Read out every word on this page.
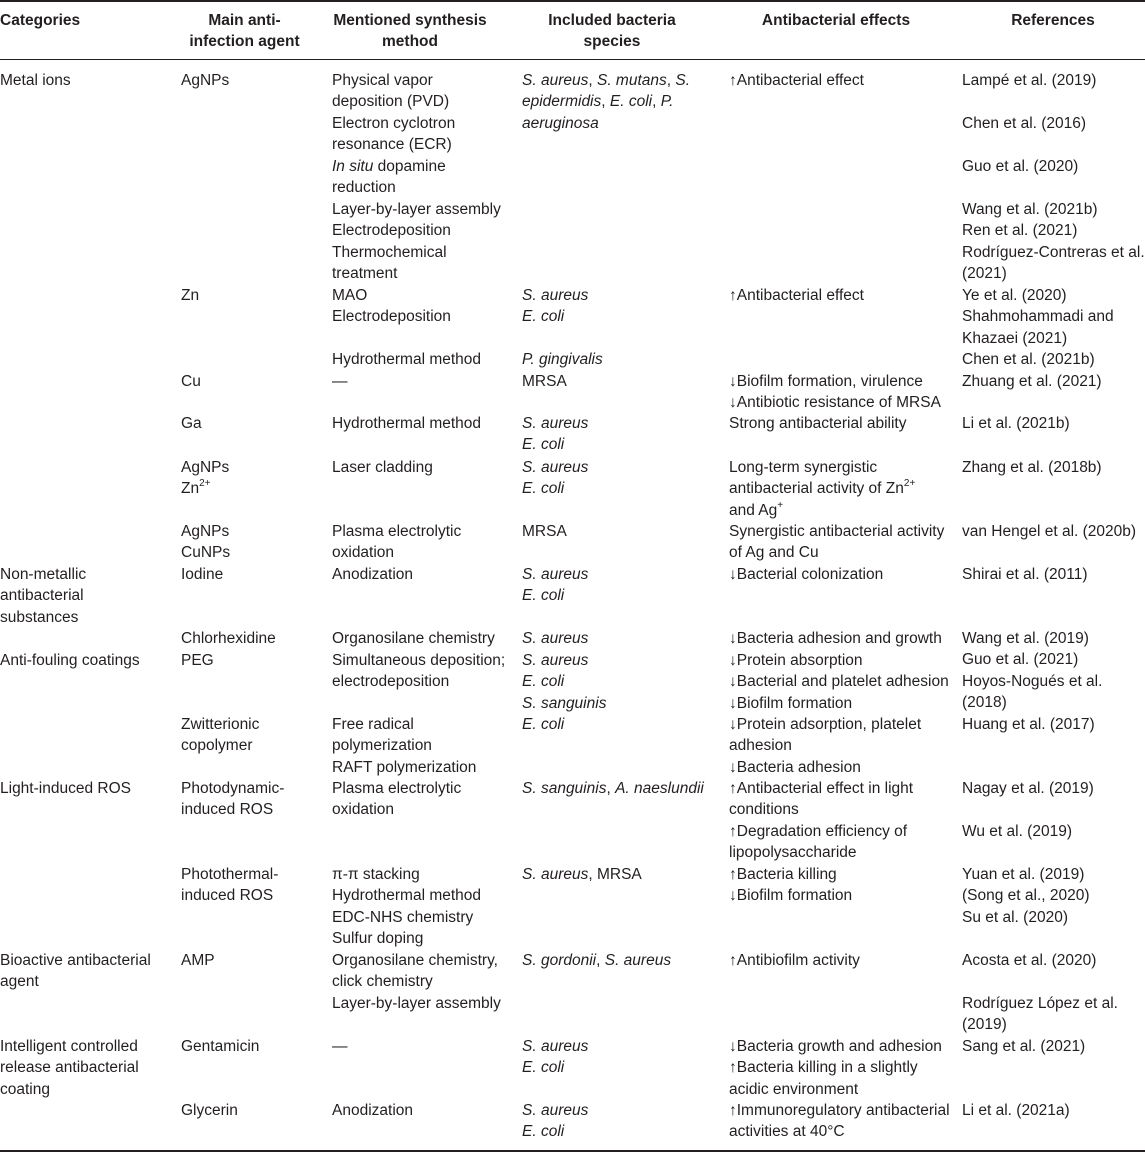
Categories	Main anti-
infection agent
Mentioned synthesis
method
Included bacteria
species
Antibacterial effects	References
Metal ions
Non-metallic
antibacterial
substances
Anti-fouling coatings
Light-induced ROS
Bioactive antibacterial
agent
Intelligent controlled
release antibacterial
coating
AgNPs
Zn
Cu
Ga
AgNPs
$Zn^{2+}$
AgNPs
CuNPs
Iodine
Chlorhexidine
PEG
Zwitterionic
copolymer
Photodynamic-
induced ROS
Photothermal-
induced ROS
AMP
Gentamicin
Glycerin
Physical vapor
deposition (PVD)
Electron cyclotron
resonance (ECR)
In situ dopamine
reduction
Layer-by-layer assembly
Electrodeposition
Thermochemical
treatment
MAO
Electrodeposition
Hydrothermal method
—
Hydrothermal method
Laser cladding
Plasma electrolytic
oxidation
Anodization
Organosilane chemistry
Simultaneous deposition;
electrodeposition
Free radical
polymerization
RAFT polymerization
Plasma electrolytic
oxidation
π-π stacking
Hydrothermal method
EDC-NHS chemistry
Sulfur doping
Organosilane chemistry,
click chemistry
Layer-by-layer assembly
—
Anodization
S. aureus, S. mutans, S.
epidermidis, E. coli, P.
aeruginosa
S. aureus
E. coli
P. gingivalis
MRSA
S. aureus
E. coli
S. aureus
E. coli
MRSA
S. aureus
E. coli
S. aureus
S. aureus
E. coli
S. sanguinis
E. coli
S. sanguinis, A. naeslundii
S. aureus, MRSA
S. gordonii, S. aureus
S. aureus
E. coli
S. aureus
E. coli
↑Antibacterial effect
↑Antibacterial effect
↓Biofilm formation, virulence
↓Antibiotic resistance of MRSA
Strong antibacterial ability
Long-term synergistic
antibacterial activity of $Zn^{2+}$
and Ag+
Synergistic antibacterial activity
of Ag and Cu
↓Bacterial colonization
↓Bacteria adhesion and growth
↓Protein absorption
↓Bacterial and platelet adhesion
↓Biofilm formation
↓Protein adsorption, platelet
adhesion
↓Bacteria adhesion
↑Antibacterial effect in light
conditions
↑Degradation efficiency of
lipopolysaccharide
↑Bacteria killing
↓Biofilm formation
↑Antibiofilm activity
↓Bacteria growth and adhesion
↑Bacteria killing in a slightly
acidic environment
↑Immunoregulatory antibacterial
activities at 40°C
Lampé et al. (2019)
Chen et al. (2016)
Guo et al. (2020)
Wang et al. (2021b)
Ren et al. (2021)
Rodríguez-Contreras et al.
(2021)
Ye et al. (2020)
Shahmohammadi and
Khazaei (2021)
Chen et al. (2021b)
Zhuang et al. (2021)
Li et al. (2021b)
Zhang et al. (2018b)
van Hengel et al. (2020b)
Shirai et al. (2011)
Wang et al. (2019)
Guo et al. (2021)
Hoyos-Nogués et al.
(2018)
Huang et al. (2017)
Nagay et al. (2019)
Wu et al. (2019)
Yuan et al. (2019)
(Song et al., 2020)
Su et al. (2020)
Acosta et al. (2020)
Rodríguez López et al.
(2019)
Sang et al. (2021)
Li et al. (2021a)
